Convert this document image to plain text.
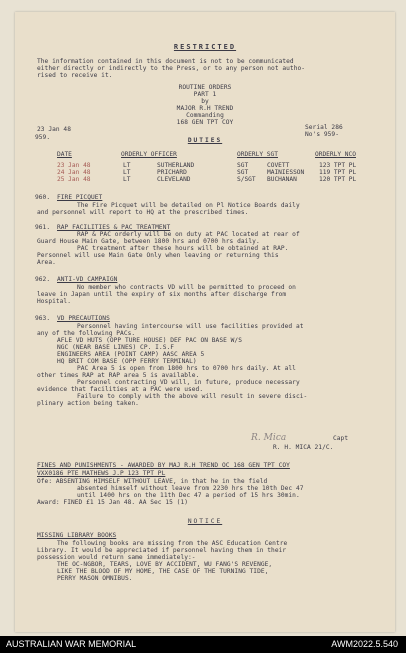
RESTRICTED
The information contained in this document is not to be communicated
either directly or indirectly to the Press, or to any person not autho-
rised to receive it.
ROUTINE ORDERS
PART 1
by
MAJOR R.H TREND
Commanding
168 GEN TPT COY
23 Jan 48	Serial 286
No's 959-
959.	DUTIES
DATE	ORDERLY OFFICER	ORDERLY SGT	ORDERLY NCO
23 Jan 48	LT	SUTHERLAND	SGT	COVETT	123 TPT PL
24 Jan 48	LT	PRICHARD	SGT	MAINIESSON 119 TPT PL
25 Jan 48	LT	CLEVELAND	S/SGT BUCHANAN	120 TPT PL
960. FIRE PICQUET
The Fire Picquet will be detailed on Pl Notice Boards daily
and personnel will report to HQ at the prescribed times.
961. RAP FACILITIES & PAC TREATMENT
RAP & PAC orderly will be on duty at PAC located at rear of
Guard House Main Gate, between 1800 hrs and 0700 hrs daily.
PAC treatment after these hours will be obtained at RAP.
Personnel will use Main Gate Only when leaving or returning this
Area.
962. ANTI-VD CAMPAIGN
No member who contracts VD will be permitted to proceed on
leave in Japan until the expiry of six months after discharge from
Hospital.
963. VD PRECAUTIONS
Personnel having intercourse will use facilities provided at
any of the following PACs.
AFLE VD HUTS (OPP TURE HOUSE) DEF PAC ON BASE W/S
NGC (NEAR BASE LINES) CP. I.S.F
ENGINEERS AREA (POINT CAMP) AASC AREA 5
HQ BRIT COM BASE (OPP FERRY TERMINAL)
PAC Area 5 is open from 1800 hrs to 0700 hrs daily. At all
other times RAP at RAP area 5 is available.
Personnel contracting VD will, in future, produce necessary
evidence that facilities at a PAC were used.
Failure to comply with the above will result in severe disci-
plinary action being taken.
R. Mica	Capt
R. H. MICA 21/C.
FINES AND PUNISHMENTS - AWARDED BY MAJ R.H TREND OC 168 GEN TPT COY
VXX0186 PTE MATHEWS J.P 123 TPT PL
Ofe: ABSENTING HIMSELF WITHOUT LEAVE, in that he in the field
absented himself without leave from 2230 hrs the 10th Dec 47
until 1400 hrs on the 11th Dec 47 a period of 15 hrs 30min.
Award: FINED £1 15 Jan 48. AA Sec 15 (1)
NOTICE
MISSING LIBRARY BOOKS
The following books are missing from the ASC Education Centre
Library. It would be appreciated if personnel having them in their
possession would return same immediately:-
THE OC-NGBOR, TEARS, LOVE BY ACCIDENT, WU FANG'S REVENGE,
LIKE THE BLOOD OF MY HOME, THE CASE OF THE TURNING TIDE,
PERRY MASON OMNIBUS.
AUSTRALIAN WAR MEMORIAL	AWM2022.5.540
